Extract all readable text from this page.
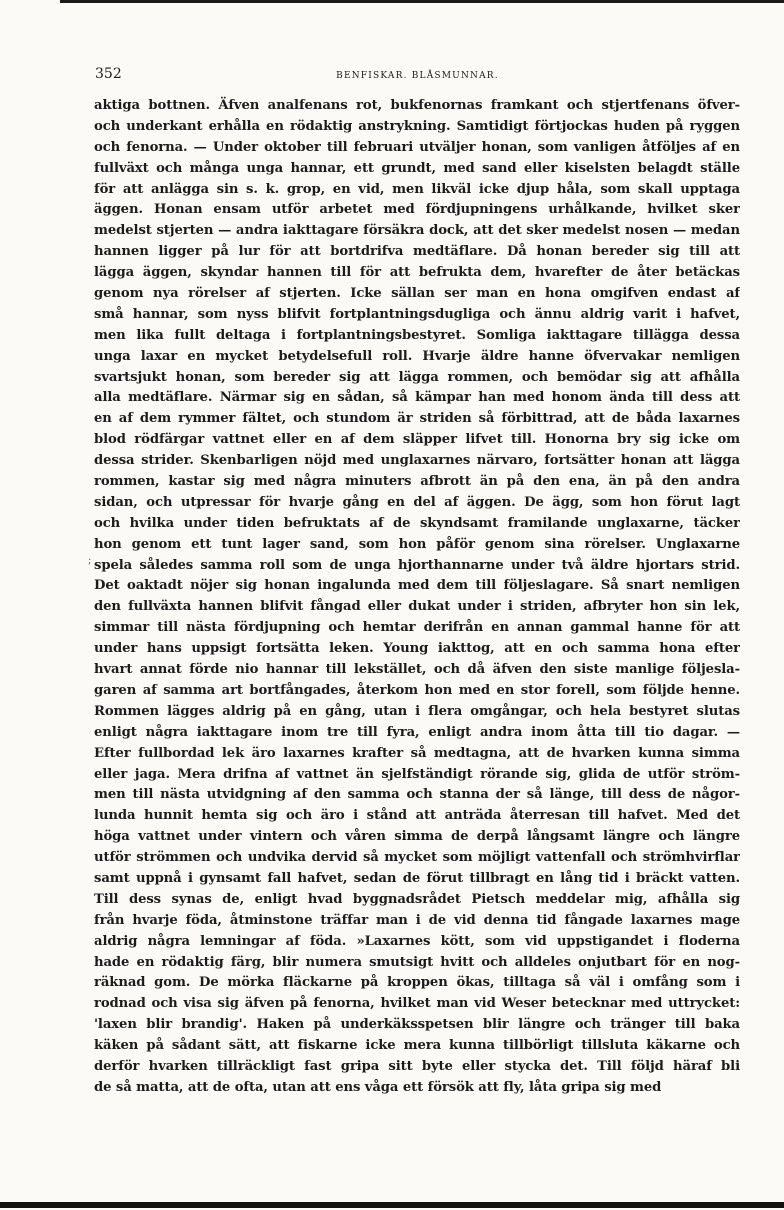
352	BENFISKAR. BLÅSMUNNAR.
;
aktiga bottnen. Äfven analfenans rot, bukfenornas framkant och stjertfenans öfver-
och underkant erhålla en rödaktig anstrykning. Samtidigt förtjockas huden på ryggen
och fenorna. — Under oktober till februari utväljer honan, som vanligen åtföljes af en
fullväxt och många unga hannar, ett grundt, med sand eller kiselsten belagdt ställe
för att anlägga sin s. k. grop, en vid, men likväl icke djup håla, som skall upptaga
äggen. Honan ensam utför arbetet med fördjupningens urhålkande, hvilket sker
medelst stjerten — andra iakttagare försäkra dock, att det sker medelst nosen — medan
hannen ligger på lur för att bortdrifva medtäflare. Då honan bereder sig till att
lägga äggen, skyndar hannen till för att befrukta dem, hvarefter de åter betäckas
genom nya rörelser af stjerten. Icke sällan ser man en hona omgifven endast af
små hannar, som nyss blifvit fortplantningsdugliga och ännu aldrig varit i hafvet,
men lika fullt deltaga i fortplantningsbestyret. Somliga iakttagare tillägga dessa
unga laxar en mycket betydelsefull roll. Hvarje äldre hanne öfvervakar nemligen
svartsjukt honan, som bereder sig att lägga rommen, och bemödar sig att afhålla
alla medtäflare. Närmar sig en sådan, så kämpar han med honom ända till dess att
en af dem rymmer fältet, och stundom är striden så förbittrad, att de båda laxarnes
blod rödfärgar vattnet eller en af dem släpper lifvet till. Honorna bry sig icke om
dessa strider. Skenbarligen nöjd med unglaxarnes närvaro, fortsätter honan att lägga
rommen, kastar sig med några minuters afbrott än på den ena, än på den andra
sidan, och utpressar för hvarje gång en del af äggen. De ägg, som hon förut lagt
och hvilka under tiden befruktats af de skyndsamt framilande unglaxarne, täcker
hon genom ett tunt lager sand, som hon påför genom sina rörelser. Unglaxarne
spela således samma roll som de unga hjorthannarne under två äldre hjortars strid.
Det oaktadt nöjer sig honan ingalunda med dem till följeslagare. Så snart nemligen
den fullväxta hannen blifvit fångad eller dukat under i striden, afbryter hon sin lek,
simmar till nästa fördjupning och hemtar derifrån en annan gammal hanne för att
under hans uppsigt fortsätta leken. Young iakttog, att en och samma hona efter
hvart annat förde nio hannar till lekstället, och då äfven den siste manlige följesla-
garen af samma art bortfångades, återkom hon med en stor forell, som följde henne.
Rommen lägges aldrig på en gång, utan i flera omgångar, och hela bestyret slutas
enligt några iakttagare inom tre till fyra, enligt andra inom åtta till tio dagar. —
Efter fullbordad lek äro laxarnes krafter så medtagna, att de hvarken kunna simma
eller jaga. Mera drifna af vattnet än sjelfständigt rörande sig, glida de utför ström-
men till nästa utvidgning af den samma och stanna der så länge, till dess de någor-
lunda hunnit hemta sig och äro i stånd att anträda återresan till hafvet. Med det
höga vattnet under vintern och våren simma de derpå långsamt längre och längre
utför strömmen och undvika dervid så mycket som möjligt vattenfall och strömhvirflar
samt uppnå i gynsamt fall hafvet, sedan de förut tillbragt en lång tid i bräckt vatten.
Till dess synas de, enligt hvad byggnadsrådet Pietsch meddelar mig, afhålla sig
från hvarje föda, åtminstone träffar man i de vid denna tid fångade laxarnes mage
aldrig några lemningar af föda. »Laxarnes kött, som vid uppstigandet i floderna
hade en rödaktig färg, blir numera smutsigt hvitt och alldeles onjutbart för en nog-
räknad gom. De mörka fläckarne på kroppen ökas, tilltaga så väl i omfång som i
rodnad och visa sig äfven på fenorna, hvilket man vid Weser betecknar med uttrycket:
'laxen blir brandig'. Haken på underkäksspetsen blir längre och tränger till baka
käken på sådant sätt, att fiskarne icke mera kunna tillbörligt tillsluta käkarne och
derför hvarken tillräckligt fast gripa sitt byte eller stycka det. Till följd häraf bli
de så matta, att de ofta, utan att ens våga ett försök att fly, låta gripa sig med
